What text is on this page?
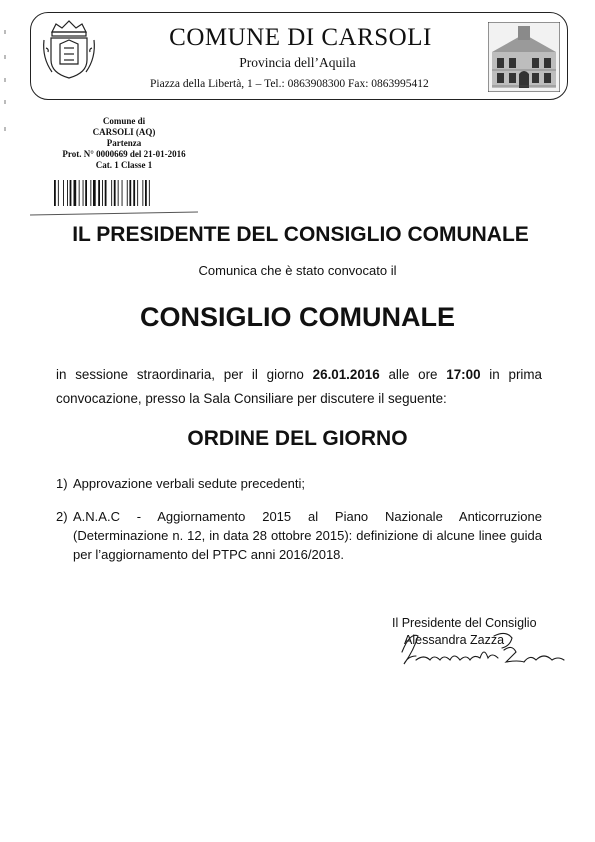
COMUNE DI CARSOLI
Provincia dell’Aquila
Piazza della Libertà, 1 – Tel.: 0863908300 Fax: 0863995412
Comune di
CARSOLI (AQ)
Partenza
Prot. N° 0000669 del 21-01-2016
Cat. 1 Classe 1
IL PRESIDENTE DEL CONSIGLIO COMUNALE
Comunica che è stato convocato il
CONSIGLIO COMUNALE
in sessione straordinaria, per il giorno 26.01.2016 alle ore 17:00 in prima convocazione, presso la Sala Consiliare per discutere il seguente:
ORDINE DEL GIORNO
1) Approvazione verbali sedute precedenti;
2) A.N.A.C - Aggiornamento 2015 al Piano Nazionale Anticorruzione (Determinazione n. 12, in data 28 ottobre 2015): definizione di alcune linee guida per l’aggiornamento del PTPC anni 2016/2018.
Il Presidente del Consiglio
Alessandra Zazza
